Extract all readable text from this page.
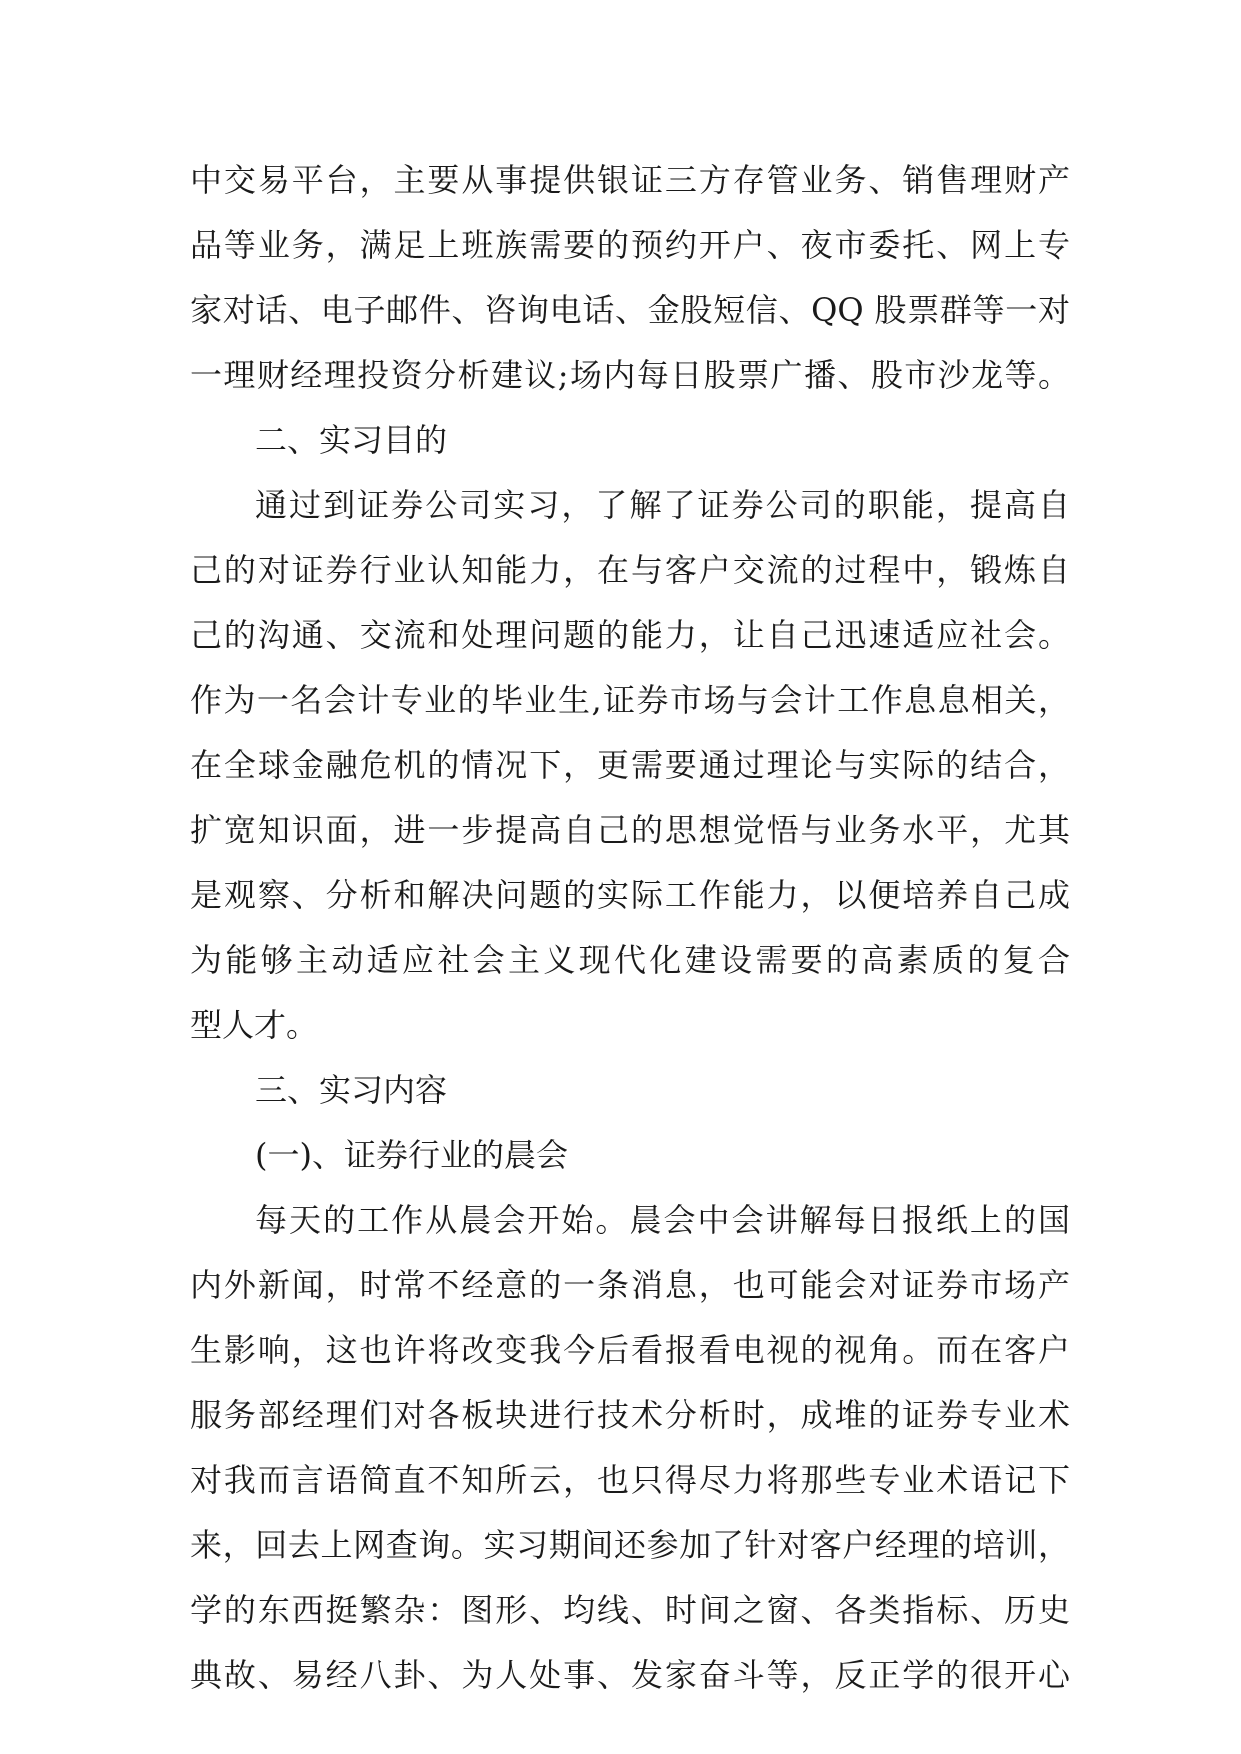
中交易平台，主要从事提供银证三方存管业务、销售理财产
品等业务，满足上班族需要的预约开户、夜市委托、网上专
家对话、电子邮件、咨询电话、金股短信、QQ 股票群等一对
一理财经理投资分析建议;场内每日股票广播、股市沙龙等。
二、实习目的
通过到证券公司实习，了解了证券公司的职能，提高自
己的对证券行业认知能力，在与客户交流的过程中，锻炼自
己的沟通、交流和处理问题的能力，让自己迅速适应社会。
作为一名会计专业的毕业生,证券市场与会计工作息息相关，
在全球金融危机的情况下，更需要通过理论与实际的结合，
扩宽知识面，进一步提高自己的思想觉悟与业务水平，尤其
是观察、分析和解决问题的实际工作能力，以便培养自己成
为能够主动适应社会主义现代化建设需要的高素质的复合
型人才。
三、实习内容
(一)、证券行业的晨会
每天的工作从晨会开始。晨会中会讲解每日报纸上的国
内外新闻，时常不经意的一条消息，也可能会对证券市场产
生影响，这也许将改变我今后看报看电视的视角。而在客户
服务部经理们对各板块进行技术分析时，成堆的证券专业术
对我而言语简直不知所云，也只得尽力将那些专业术语记下
来，回去上网查询。实习期间还参加了针对客户经理的培训，
学的东西挺繁杂：图形、均线、时间之窗、各类指标、历史
典故、易经八卦、为人处事、发家奋斗等，反正学的很开心
